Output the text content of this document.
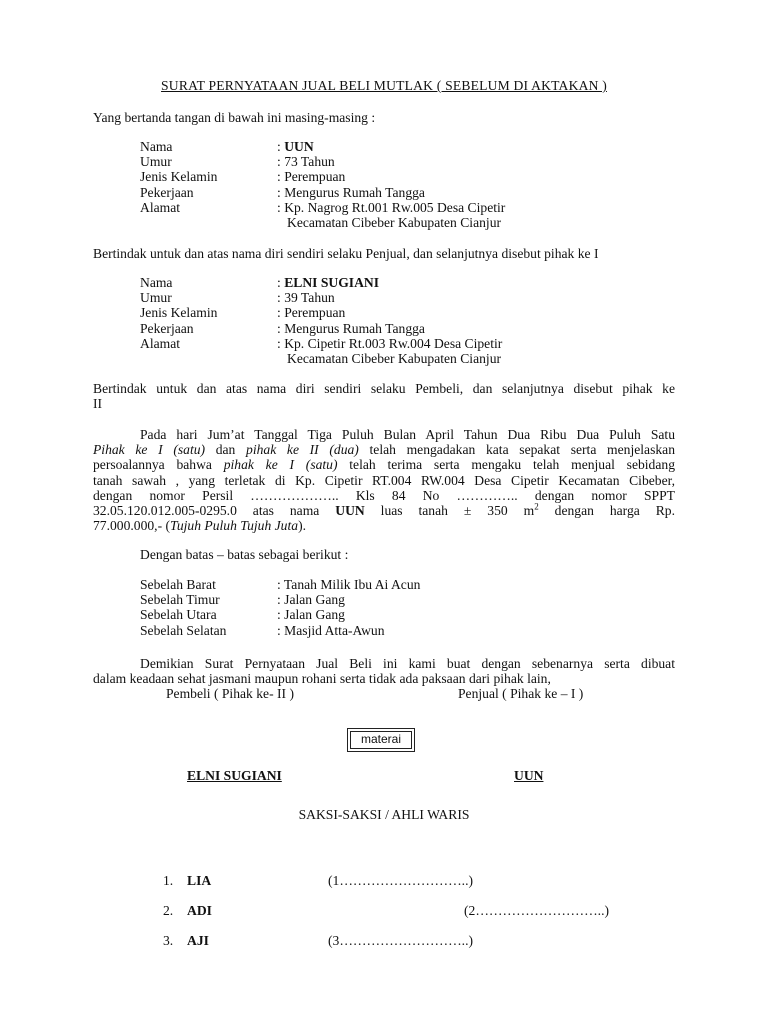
SURAT PERNYATAAN JUAL BELI MUTLAK ( SEBELUM DI AKTAKAN )
Yang bertanda tangan di bawah ini masing-masing :
Nama	: UUN
Umur	: 73 Tahun
Jenis Kelamin	: Perempuan
Pekerjaan	: Mengurus Rumah Tangga
Alamat	: Kp. Nagrog Rt.001 Rw.005 Desa Cipetir
Kecamatan Cibeber Kabupaten Cianjur
Bertindak untuk dan atas nama diri sendiri selaku Penjual, dan selanjutnya disebut pihak ke I
Nama	: ELNI SUGIANI
Umur	: 39 Tahun
Jenis Kelamin	: Perempuan
Pekerjaan	: Mengurus Rumah Tangga
Alamat	: Kp. Cipetir Rt.003 Rw.004 Desa Cipetir
Kecamatan Cibeber Kabupaten Cianjur
Bertindak untuk dan atas nama diri sendiri selaku Pembeli, dan selanjutnya disebut pihak ke
II
Pada hari Jum’at Tanggal Tiga Puluh Bulan April Tahun Dua Ribu Dua Puluh Satu
Pihak ke I (satu) dan pihak ke II (dua) telah mengadakan kata sepakat serta menjelaskan
persoalannya bahwa pihak ke I (satu) telah terima serta mengaku telah menjual sebidang
tanah sawah , yang terletak di Kp. Cipetir RT.004 RW.004 Desa Cipetir Kecamatan Cibeber,
dengan nomor Persil ……………….. Kls 84 No ………….. dengan nomor SPPT
32.05.120.012.005-0295.0 atas nama UUN luas tanah ± 350 $m^2$ dengan harga Rp.
77.000.000,- (Tujuh Puluh Tujuh Juta).
Dengan batas – batas sebagai berikut :
Sebelah Barat	: Tanah Milik Ibu Ai Acun
Sebelah Timur	: Jalan Gang
Sebelah Utara	: Jalan Gang
Sebelah Selatan	: Masjid Atta-Awun
Demikian Surat Pernyataan Jual Beli ini kami buat dengan sebenarnya serta dibuat
dalam keadaan sehat jasmani maupun rohani serta tidak ada paksaan dari pihak lain,
Pembeli ( Pihak ke- II )	Penjual ( Pihak ke – I )
materai
ELNI SUGIANI	UUN
SAKSI-SAKSI / AHLI WARIS
1. LIA	(1………………………..)
2. ADI	(2………………………..)
3. AJI	(3………………………..)
